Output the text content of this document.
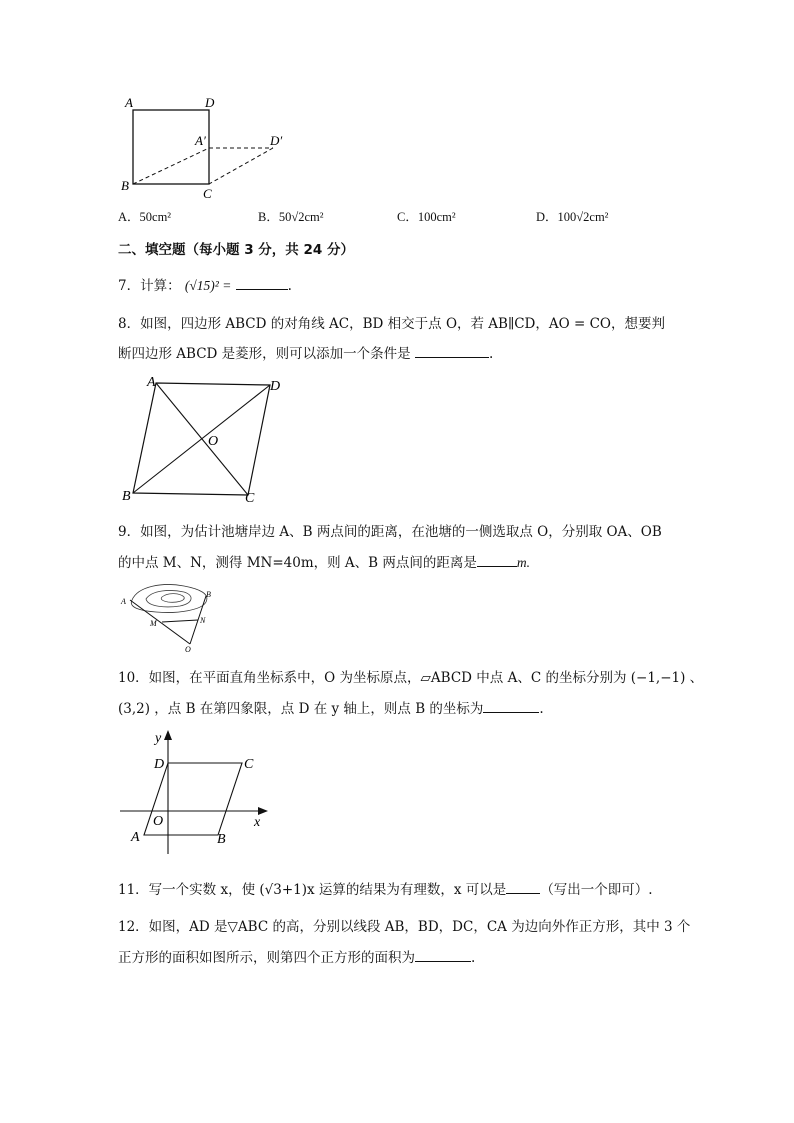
A	D
A′	D′
B
C
A．50cm²	B．50√2cm²	C．100cm²	D．100√2cm²
二、填空题（每小题 3 分，共 24 分）
7．计算： (√15)² =	.
8．如图，四边形 ABCD 的对角线 AC，BD 相交于点 O，若 AB∥CD，AO = CO，想要判
断四边形 ABCD 是菱形，则可以添加一个条件是	.
A	D
O
B	C
9．如图，为估计池塘岸边 A、B 两点间的距离，在池塘的一侧选取点 O，分别取 OA、OB
的中点 M、N，测得 MN=40m，则 A、B 两点间的距离是	m.
A
B
M	N
O
10．如图，在平面直角坐标系中，O 为坐标原点，▱ABCD 中点 A、C 的坐标分别为 (−1,−1) 、
(3,2) ，点 B 在第四象限，点 D 在 y 轴上，则点 B 的坐标为	.
y
D	C
O	x
A	B
11．写一个实数 x，使 (√3+1)x 运算的结果为有理数，x 可以是	（写出一个即可）.
12．如图，AD 是▽ABC 的高，分别以线段 AB，BD，DC，CA 为边向外作正方形，其中 3 个
正方形的面积如图所示，则第四个正方形的面积为	.
